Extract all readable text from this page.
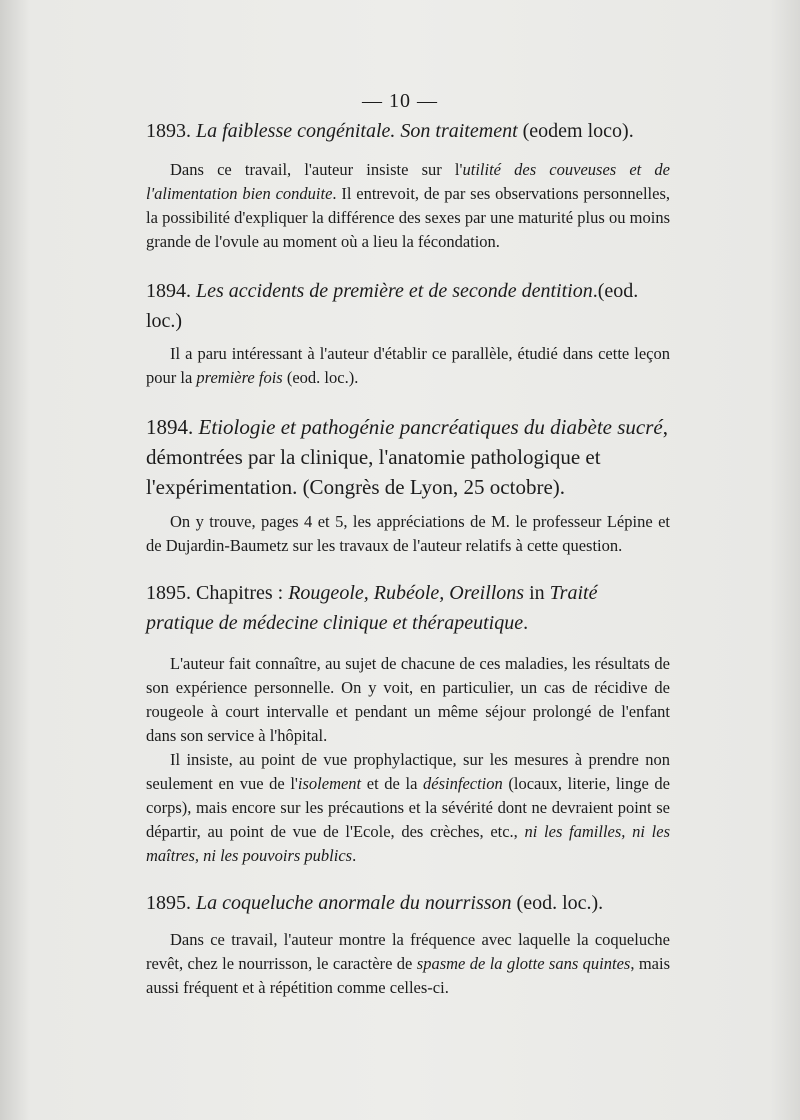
— 10 —

1893. La faiblesse congénitale. Son traitement (eodem loco).

Dans ce travail, l'auteur insiste sur l'utilité des couveuses et de l'alimentation bien conduite. Il entrevoit, de par ses observations personnelles, la possibilité d'expliquer la différence des sexes par une maturité plus ou moins grande de l'ovule au moment où a lieu la fécondation.

1894. Les accidents de première et de seconde dentition.(eod. loc.)

Il a paru intéressant à l'auteur d'établir ce parallèle, étudié dans cette leçon pour la première fois (eod. loc.).

1894. Etiologie et pathogénie pancréatiques du diabète sucré, démontrées par la clinique, l'anatomie pathologique et l'expérimentation. (Congrès de Lyon, 25 octobre).

On y trouve, pages 4 et 5, les appréciations de M. le professeur Lépine et de Dujardin-Baumetz sur les travaux de l'auteur relatifs à cette question.

1895. Chapitres : Rougeole, Rubéole, Oreillons in Traité pratique de médecine clinique et thérapeutique.

L'auteur fait connaître, au sujet de chacune de ces maladies, les résultats de son expérience personnelle. On y voit, en particulier, un cas de récidive de rougeole à court intervalle et pendant un même séjour prolongé de l'enfant dans son service à l'hôpital.

Il insiste, au point de vue prophylactique, sur les mesures à prendre non seulement en vue de l'isolement et de la désinfection (locaux, literie, linge de corps), mais encore sur les précautions et la sévérité dont ne devraient point se départir, au point de vue de l'Ecole, des crèches, etc., ni les familles, ni les maîtres, ni les pouvoirs publics.

1895. La coqueluche anormale du nourrisson (eod. loc.).

Dans ce travail, l'auteur montre la fréquence avec laquelle la coqueluche revêt, chez le nourrisson, le caractère de spasme de la glotte sans quintes, mais aussi fréquent et à répétition comme celles-ci.
